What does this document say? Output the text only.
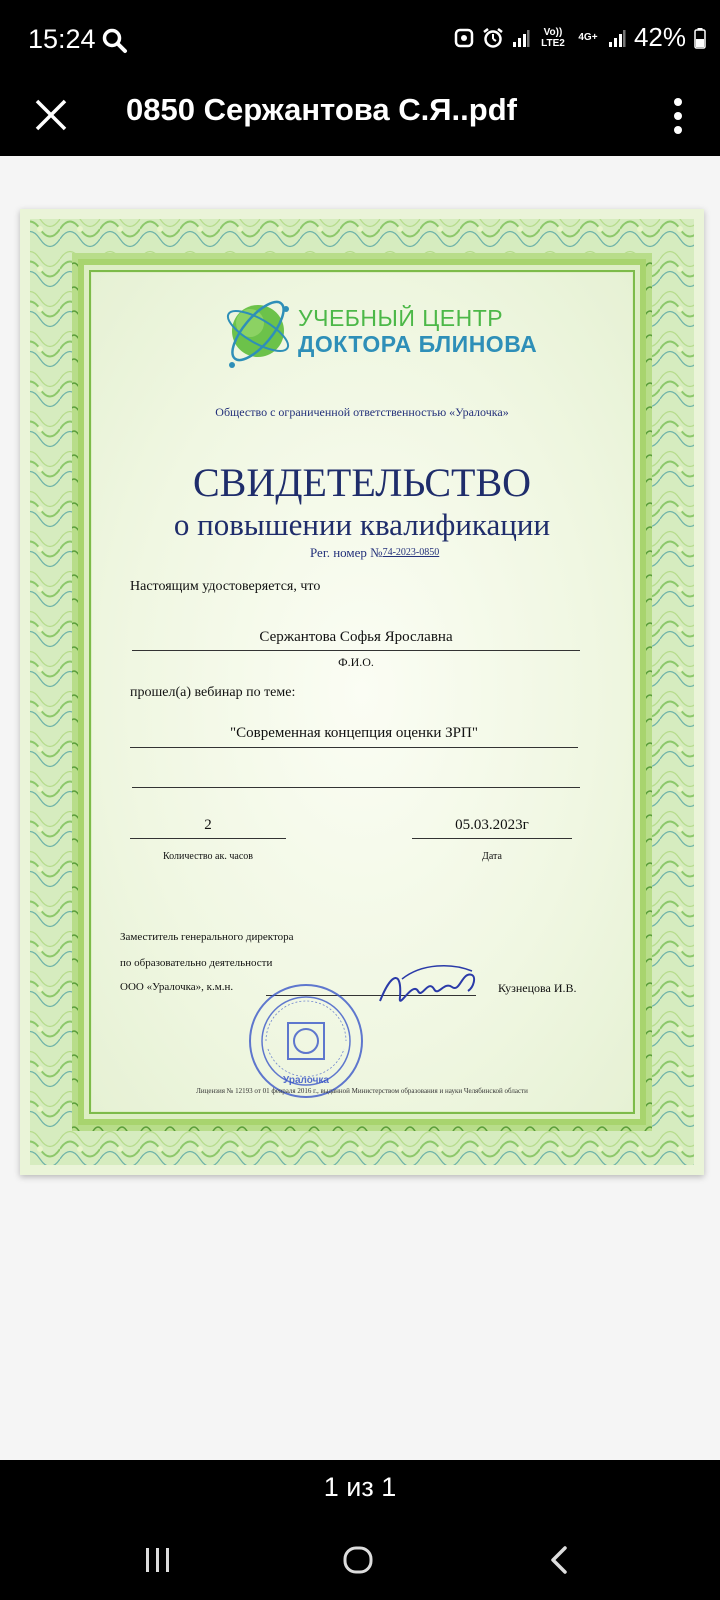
15:24	Vo)) LTE2	4G+ 42%
0850 Сержантова С.Я..pdf
УЧЕБНЫЙ ЦЕНТР
ДОКТОРА БЛИНОВА
Общество с ограниченной ответственностью «Уралочка»
СВИДЕТЕЛЬСТВО
о повышении квалификации
Рег. номер №74-2023-0850
Настоящим удостоверяется, что
Сержантова Софья Ярославна
Ф.И.О.
прошел(а) вебинар по теме:
"Современная концепция оценки ЗРП"
2
Количество ак. часов
05.03.2023г
Дата
Заместитель генерального директора
по образовательно деятельности
ООО «Уралочка», к.м.н.	Кузнецова И.В.
Уралочка
Лицензия № 12193 от 01 февраля 2016 г., выданной Министерством образования и науки Челябинской области
1 из 1
